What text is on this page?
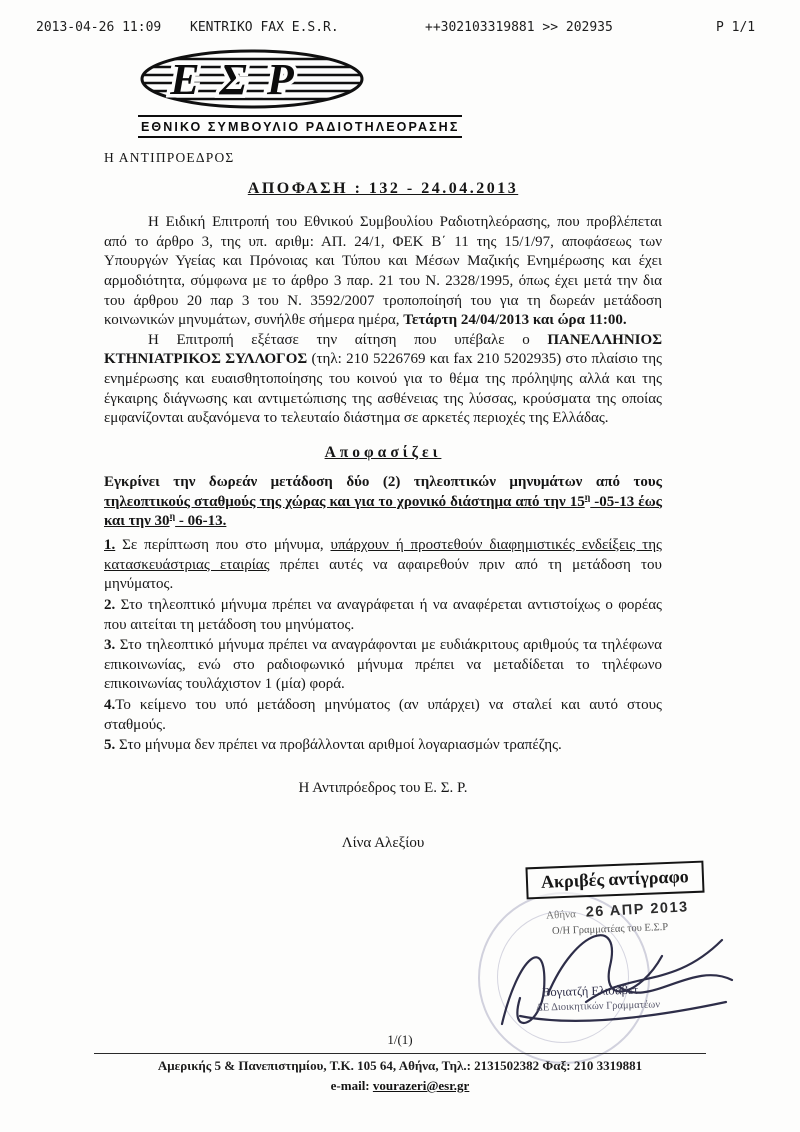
2013-04-26 11:09 KENTRIKO FAX E.S.R.	++302103319881 >> 202935	P 1/1
ΕΣΡ
ΕΘΝΙΚΟ ΣΥΜΒΟΥΛΙΟ ΡΑΔΙΟΤΗΛΕΟΡΑΣΗΣ
Η ΑΝΤΙΠΡΟΕΔΡΟΣ
ΑΠΟΦΑΣΗ : 132 - 24.04.2013

Η Ειδική Επιτροπή του Εθνικού Συμβουλίου Ραδιοτηλεόρασης, που προβλέπεται από το άρθρο 3, της υπ. αριθμ: ΑΠ. 24/1, ΦΕΚ Β΄ 11 της 15/1/97, αποφάσεως των Υπουργών Υγείας και Πρόνοιας και Τύπου και Μέσων Μαζικής Ενημέρωσης και έχει αρμοδιότητα, σύμφωνα με το άρθρο 3 παρ. 21 του Ν. 2328/1995, όπως έχει μετά την δια του άρθρου 20 παρ 3 του Ν. 3592/2007 τροποποίησή του για τη δωρεάν μετάδοση κοινωνικών μηνυμάτων, συνήλθε σήμερα ημέρα, Τετάρτη 24/04/2013 και ώρα 11:00.

Η Επιτροπή εξέτασε την αίτηση που υπέβαλε ο ΠΑΝΕΛΛΗΝΙΟΣ ΚΤΗΝΙΑΤΡΙΚΟΣ ΣΥΛΛΟΓΟΣ (τηλ: 210 5226769 και fax 210 5202935) στο πλαίσιο της ενημέρωσης και ευαισθητοποίησης του κοινού για το θέμα της πρόληψης αλλά και της έγκαιρης διάγνωσης και αντιμετώπισης της ασθένειας της λύσσας, κρούσματα της οποίας εμφανίζονται αυξανόμενα το τελευταίο διάστημα σε αρκετές περιοχές της Ελλάδας.

Αποφασίζει

Εγκρίνει την δωρεάν μετάδοση δύο (2) τηλεοπτικών μηνυμάτων από τους τηλεοπτικούς σταθμούς της χώρας και για το χρονικό διάστημα από την $15^\eta$ -05-13 έως και την $30^\eta - 06-13$.

1. Σε περίπτωση που στο μήνυμα, υπάρχουν ή προστεθούν διαφημιστικές ενδείξεις της κατασκευάστριας εταιρίας πρέπει αυτές να αφαιρεθούν πριν από τη μετάδοση του μηνύματος.

2. Στο τηλεοπτικό μήνυμα πρέπει να αναγράφεται ή να αναφέρεται αντιστοίχως ο φορέας που αιτείται τη μετάδοση του μηνύματος.

3. Στο τηλεοπτικό μήνυμα πρέπει να αναγράφονται με ευδιάκριτους αριθμούς τα τηλέφωνα επικοινωνίας, ενώ στο ραδιοφωνικό μήνυμα πρέπει να μεταδίδεται το τηλέφωνο επικοινωνίας τουλάχιστον 1 (μία) φορά.

4.Το κείμενο του υπό μετάδοση μηνύματος (αν υπάρχει) να σταλεί και αυτό στους σταθμούς.

5. Στο μήνυμα δεν πρέπει να προβάλλονται αριθμοί λογαριασμών τραπέζης.

Η Αντιπρόεδρος του Ε. Σ. Ρ.
Λίνα Αλεξίου
Ακριβές αντίγραφο
Αθήνα 26 ΑΠΡ 2013
Ο/Η Γραμματέας του Ε.Σ.Ρ
Βογιατζή Ελισάβετ
ΔΕ Διοικητικών Γραμματέων
1/(1)
Αμερικής 5 & Πανεπιστημίου, Τ.Κ. 105 64, Αθήνα, Τηλ.: 2131502382 Φαξ: 210 3319881
e-mail: vourazeri@esr.gr
